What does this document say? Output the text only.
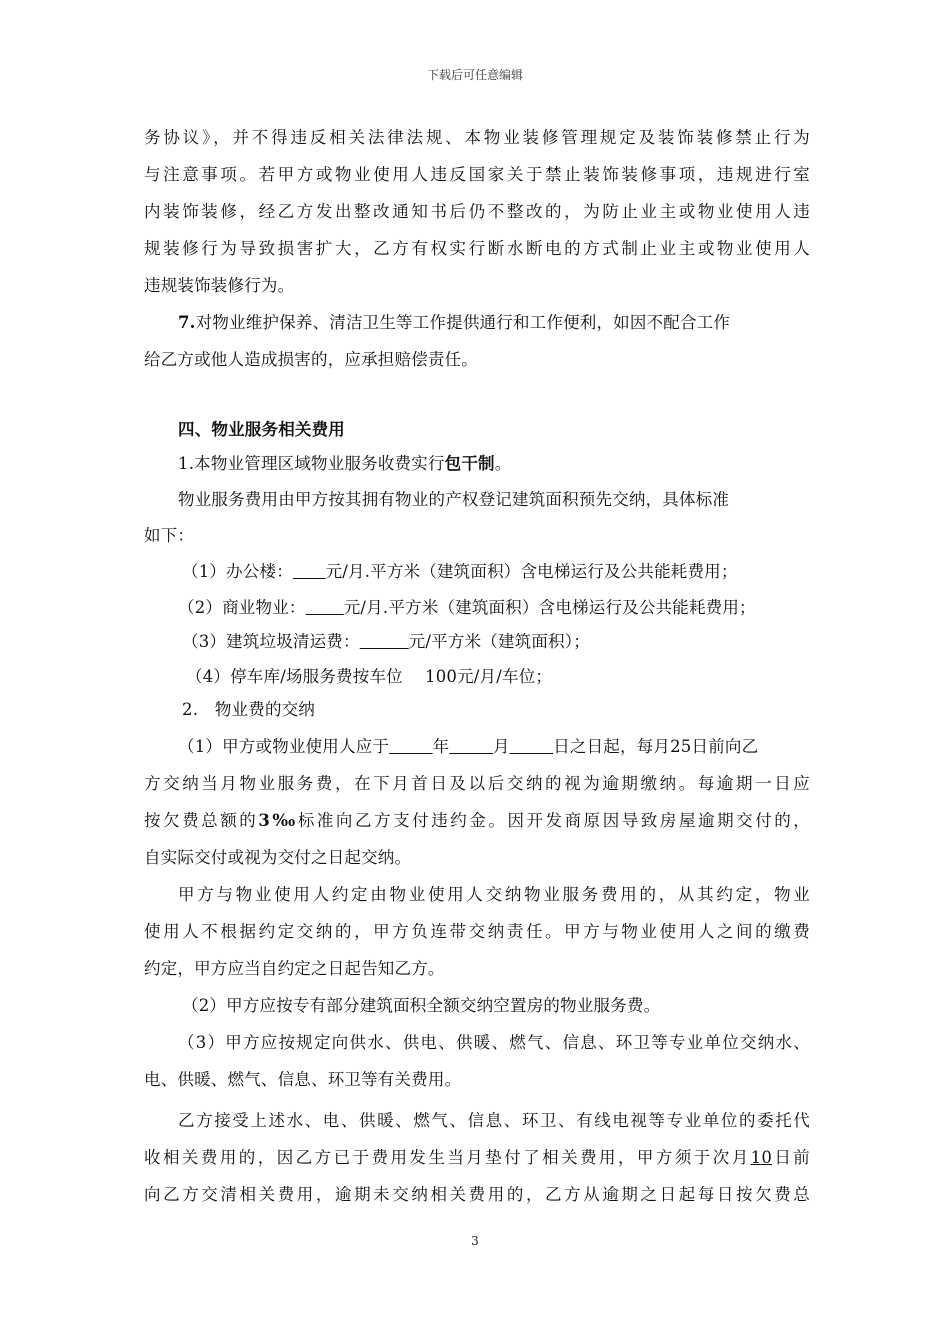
下载后可任意编辑
务协议》，并不得违反相关法律法规、本物业装修管理规定及装饰装修禁止行为
与注意事项。若甲方或物业使用人违反国家关于禁止装饰装修事项，违规进行室
内装饰装修，经乙方发出整改通知书后仍不整改的，为防止业主或物业使用人违
规装修行为导致损害扩大，乙方有权实行断水断电的方式制止业主或物业使用人
违规装饰装修行为。
7.对物业维护保养、清洁卫生等工作提供通行和工作便利，如因不配合工作
给乙方或他人造成损害的，应承担赔偿责任。
四、物业服务相关费用
1.本物业管理区域物业服务收费实行包干制。
物业服务费用由甲方按其拥有物业的产权登记建筑面积预先交纳，具体标准
如下：
（1）办公楼： 元/月.平方米（建筑面积）含电梯运行及公共能耗费用；
（2）商业物业： 元/月.平方米（建筑面积）含电梯运行及公共能耗费用；
（3）建筑垃圾清运费：	元/平方米（建筑面积）；
（4）停车库/场服务费按车位　 100元/月/车位；
2.　物业费的交纳
（1）甲方或物业使用人应于	年	月	日之日起，每月25日前向乙
方交纳当月物业服务费，在下月首日及以后交纳的视为逾期缴纳。每逾期一日应
按欠费总额的3‰标准向乙方支付违约金。因开发商原因导致房屋逾期交付的，
自实际交付或视为交付之日起交纳。
甲方与物业使用人约定由物业使用人交纳物业服务费用的，从其约定，物业
使用人不根据约定交纳的，甲方负连带交纳责任。甲方与物业使用人之间的缴费
约定，甲方应当自约定之日起告知乙方。
（2）甲方应按专有部分建筑面积全额交纳空置房的物业服务费。
（3）甲方应按规定向供水、供电、供暖、燃气、信息、环卫等专业单位交纳水、
电、供暖、燃气、信息、环卫等有关费用。
乙方接受上述水、电、供暖、燃气、信息、环卫、有线电视等专业单位的委托代
收相关费用的，因乙方已于费用发生当月垫付了相关费用，甲方须于次月10日前
向乙方交清相关费用，逾期未交纳相关费用的，乙方从逾期之日起每日按欠费总
3
